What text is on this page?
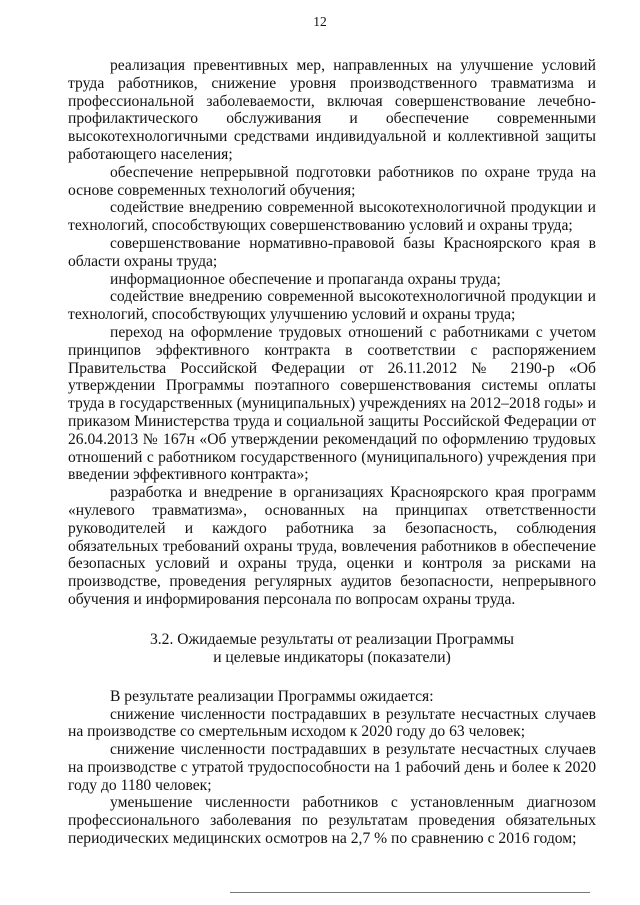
12

реализация превентивных мер, направленных на улучшение условий труда работников, снижение уровня производственного травматизма и профессиональной заболеваемости, включая совершенствование лечебно-профилактического обслуживания и обеспечение современными высокотехнологичными средствами индивидуальной и коллективной защиты работающего населения;

обеспечение непрерывной подготовки работников по охране труда на основе современных технологий обучения;

содействие внедрению современной высокотехнологичной продукции и технологий, способствующих совершенствованию условий и охраны труда;

совершенствование нормативно-правовой базы Красноярского края в области охраны труда;

информационное обеспечение и пропаганда охраны труда;

содействие внедрению современной высокотехнологичной продукции и технологий, способствующих улучшению условий и охраны труда;

переход на оформление трудовых отношений с работниками с учетом принципов эффективного контракта в соответствии с распоряжением Правительства Российской Федерации от 26.11.2012 № 2190-р «Об утверждении Программы поэтапного совершенствования системы оплаты труда в государственных (муниципальных) учреждениях на 2012–2018 годы» и приказом Министерства труда и социальной защиты Российской Федерации от 26.04.2013 № 167н «Об утверждении рекомендаций по оформлению трудовых отношений с работником государственного (муниципального) учреждения при введении эффективного контракта»;

разработка и внедрение в организациях Красноярского края программ «нулевого травматизма», основанных на принципах ответственности руководителей и каждого работника за безопасность, соблюдения обязательных требований охраны труда, вовлечения работников в обеспечение безопасных условий и охраны труда, оценки и контроля за рисками на производстве, проведения регулярных аудитов безопасности, непрерывного обучения и информирования персонала по вопросам охраны труда.

3.2. Ожидаемые результаты от реализации Программы
и целевые индикаторы (показатели)

В результате реализации Программы ожидается:

снижение численности пострадавших в результате несчастных случаев на производстве со смертельным исходом к 2020 году до 63 человек;

снижение численности пострадавших в результате несчастных случаев на производстве с утратой трудоспособности на 1 рабочий день и более к 2020 году до 1180 человек;

уменьшение численности работников с установленным диагнозом профессионального заболевания по результатам проведения обязательных периодических медицинских осмотров на 2,7 % по сравнению с 2016 годом;
